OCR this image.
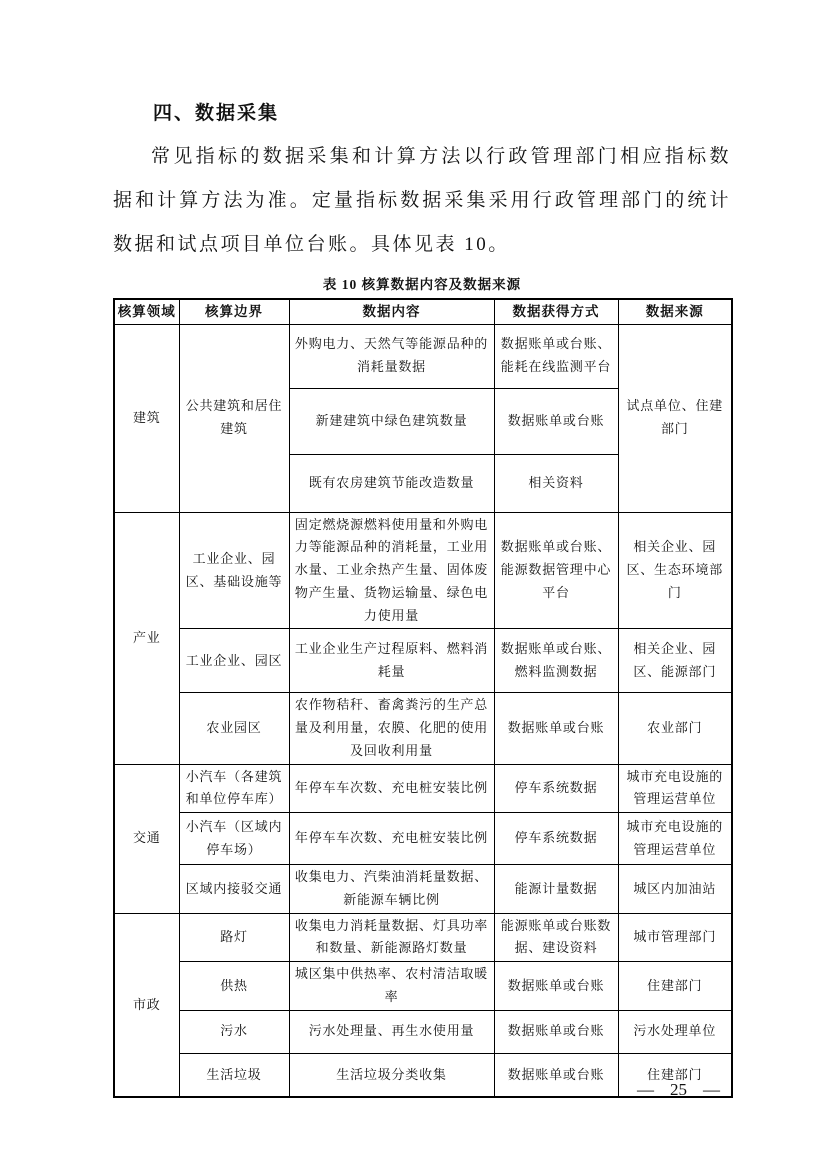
四、数据采集

常见指标的数据采集和计算方法以行政管理部门相应指标数据和计算方法为准。定量指标数据采集采用行政管理部门的统计数据和试点项目单位台账。具体见表 10。

表 10 核算数据内容及数据来源
核算领域	核算边界	数据内容	数据获得方式	数据来源
建筑	公共建筑和居住建筑	外购电力、天然气等能源品种的消耗量数据	数据账单或台账、能耗在线监测平台	试点单位、住建部门
		新建建筑中绿色建筑数量	数据账单或台账	
		既有农房建筑节能改造数量	相关资料	
产业	工业企业、园区、基础设施等	固定燃烧源燃料使用量和外购电力等能源品种的消耗量，工业用水量、工业余热产生量、固体废物产生量、货物运输量、绿色电力使用量	数据账单或台账、能源数据管理中心平台	相关企业、园区、生态环境部门
	工业企业、园区	工业企业生产过程原料、燃料消耗量	数据账单或台账、燃料监测数据	相关企业、园区、能源部门
	农业园区	农作物秸秆、畜禽粪污的生产总量及利用量，农膜、化肥的使用及回收利用量	数据账单或台账	农业部门
交通	小汽车（各建筑和单位停车库）	年停车车次数、充电桩安装比例	停车系统数据	城市充电设施的管理运营单位
	小汽车（区域内停车场）	年停车车次数、充电桩安装比例	停车系统数据	城市充电设施的管理运营单位
	区域内接驳交通	收集电力、汽柴油消耗量数据、新能源车辆比例	能源计量数据	城区内加油站
市政	路灯	收集电力消耗量数据、灯具功率和数量、新能源路灯数量	能源账单或台账数据、建设资料	城市管理部门
	供热	城区集中供热率、农村清洁取暖率	数据账单或台账	住建部门
	污水	污水处理量、再生水使用量	数据账单或台账	污水处理单位
	生活垃圾	生活垃圾分类收集	数据账单或台账	住建部门
— 25 —
